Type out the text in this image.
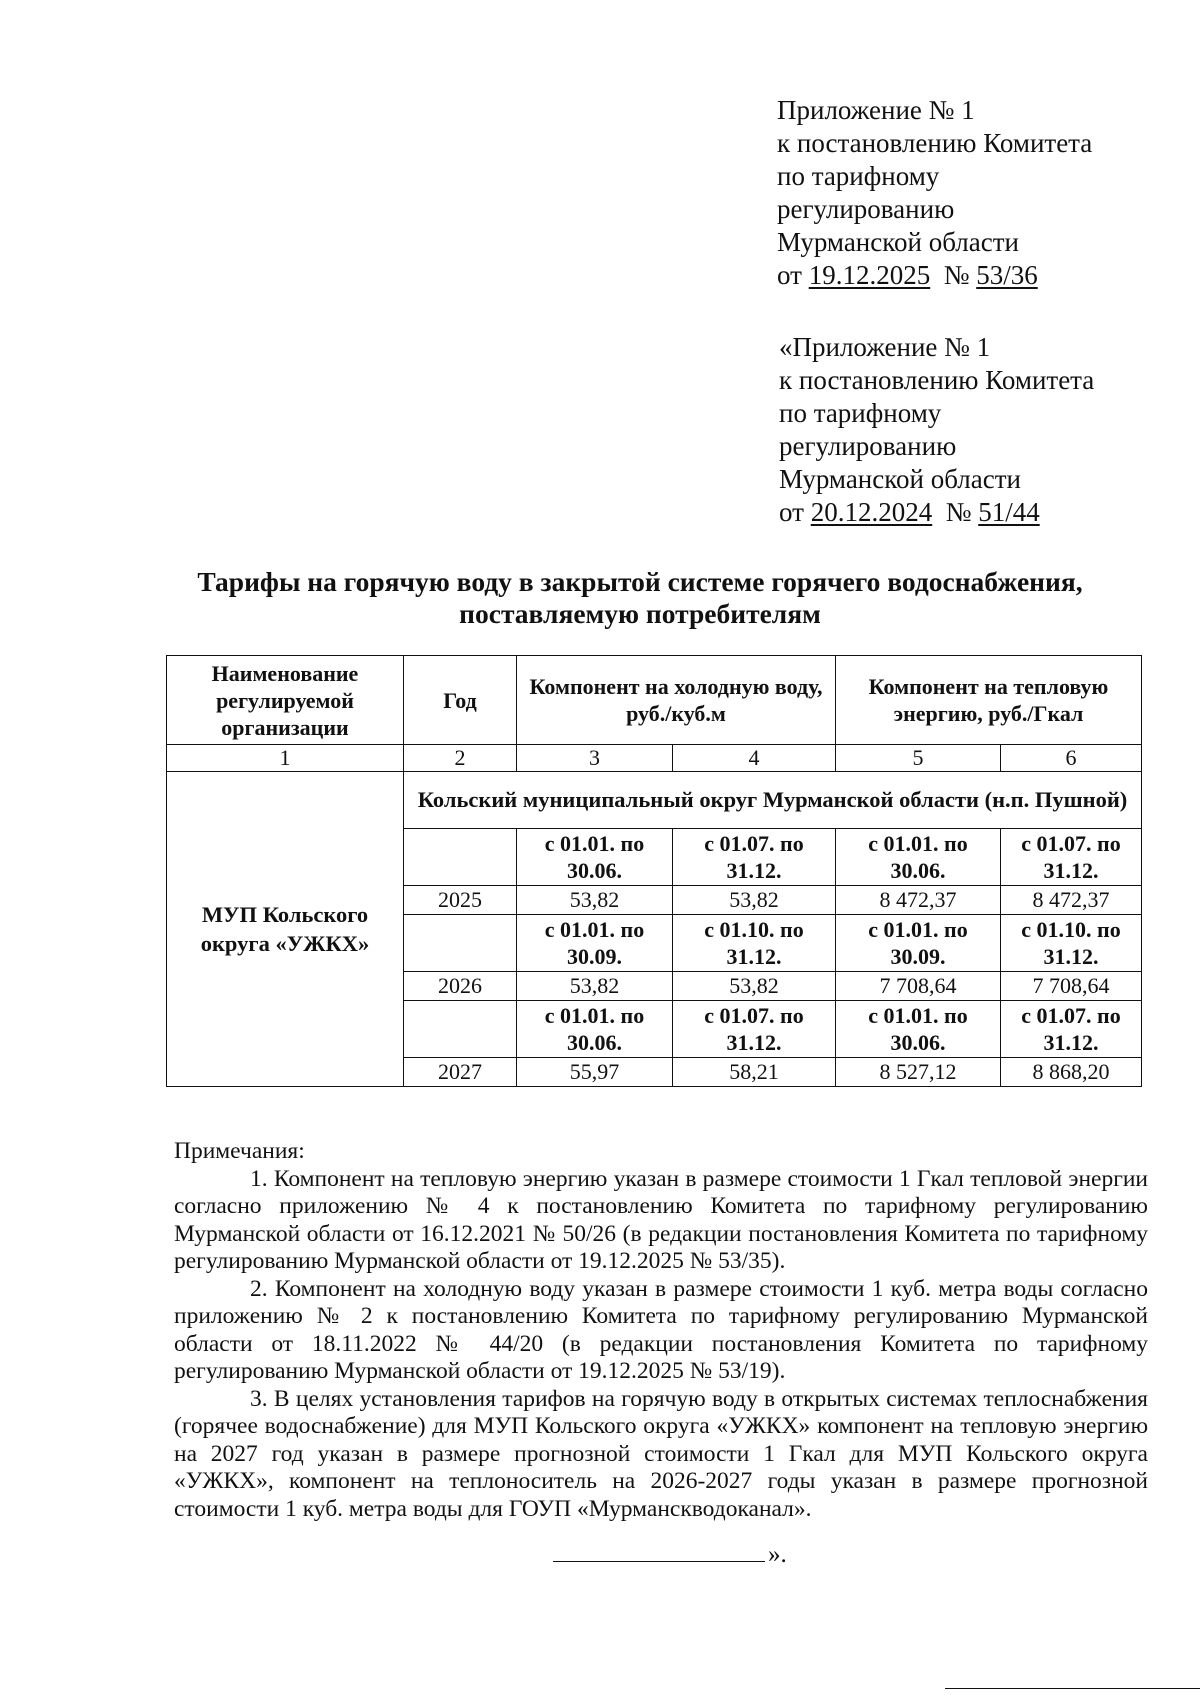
Приложение № 1
к постановлению Комитета
по тарифному
регулированию
Мурманской области
от 19.12.2025 № 53/36
«Приложение № 1
к постановлению Комитета
по тарифному
регулированию
Мурманской области
от 20.12.2024 № 51/44
Тарифы на горячую воду в закрытой системе горячего водоснабжения,
поставляемую потребителям
Наименование регулируемой организации	Год	Компонент на холодную воду, руб./куб.м		Компонент на тепловую энергию, руб./Гкал	
1	2	3	4	5	6
МУП Кольского округа «УЖКХ»	Кольский муниципальный округ Мурманской области (н.п. Пушной)				
		с 01.01. по 30.06.	с 01.07. по 31.12.	с 01.01. по 30.06.	с 01.07. по 31.12.
	2025	53,82	53,82	8 472,37	8 472,37
		с 01.01. по 30.09.	с 01.10. по 31.12.	с 01.01. по 30.09.	с 01.10. по 31.12.
	2026	53,82	53,82	7 708,64	7 708,64
		с 01.01. по 30.06.	с 01.07. по 31.12.	с 01.01. по 30.06.	с 01.07. по 31.12.
	2027	55,97	58,21	8 527,12	8 868,20
Примечания:

1. Компонент на тепловую энергию указан в размере стоимости 1 Гкал тепловой энергии согласно приложению № 4 к постановлению Комитета по тарифному регулированию Мурманской области от 16.12.2021 № 50/26 (в редакции постановления Комитета по тарифному регулированию Мурманской области от 19.12.2025 № 53/35).

2. Компонент на холодную воду указан в размере стоимости 1 куб. метра воды согласно приложению № 2 к постановлению Комитета по тарифному регулированию Мурманской области от 18.11.2022 № 44/20 (в редакции постановления Комитета по тарифному регулированию Мурманской области от 19.12.2025 № 53/19).

3. В целях установления тарифов на горячую воду в открытых системах теплоснабжения (горячее водоснабжение) для МУП Кольского округа «УЖКХ» компонент на тепловую энергию на 2027 год указан в размере прогнозной стоимости 1 Гкал для МУП Кольского округа «УЖКХ», компонент на теплоноситель на 2026-2027 годы указан в размере прогнозной стоимости 1 куб. метра воды для ГОУП «Мурманскводоканал».

».
